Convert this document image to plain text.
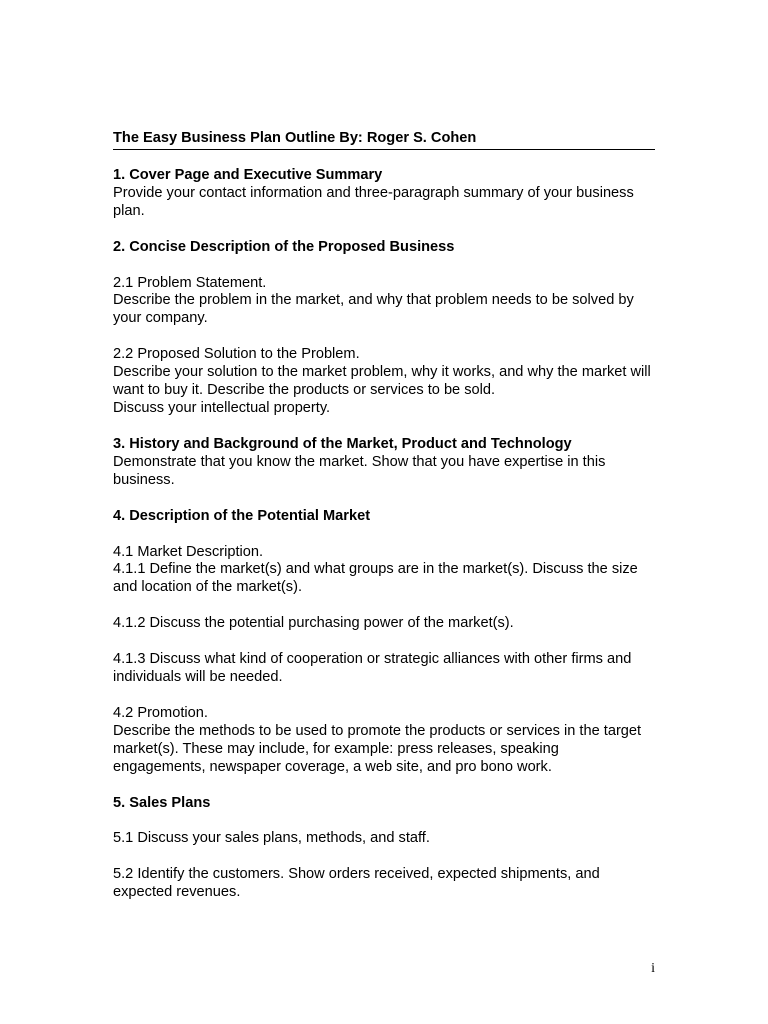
The Easy Business Plan Outline By: Roger S. Cohen

1. Cover Page and Executive Summary

Provide your contact information and three-paragraph summary of your business plan.

2. Concise Description of the Proposed Business

2.1 Problem Statement.

Describe the problem in the market, and why that problem needs to be solved by your company.

2.2 Proposed Solution to the Problem.

Describe your solution to the market problem, why it works, and why the market will want to buy it. Describe the products or services to be sold.

Discuss your intellectual property.

3. History and Background of the Market, Product and Technology

Demonstrate that you know the market. Show that you have expertise in this business.

4. Description of the Potential Market

4.1 Market Description.

4.1.1 Define the market(s) and what groups are in the market(s). Discuss the size and location of the market(s).

4.1.2 Discuss the potential purchasing power of the market(s).

4.1.3 Discuss what kind of cooperation or strategic alliances with other firms and individuals will be needed.

4.2 Promotion.

Describe the methods to be used to promote the products or services in the target market(s). These may include, for example: press releases, speaking engagements, newspaper coverage, a web site, and pro bono work.

5. Sales Plans

5.1 Discuss your sales plans, methods, and staff.

5.2 Identify the customers. Show orders received, expected shipments, and expected revenues.

i
